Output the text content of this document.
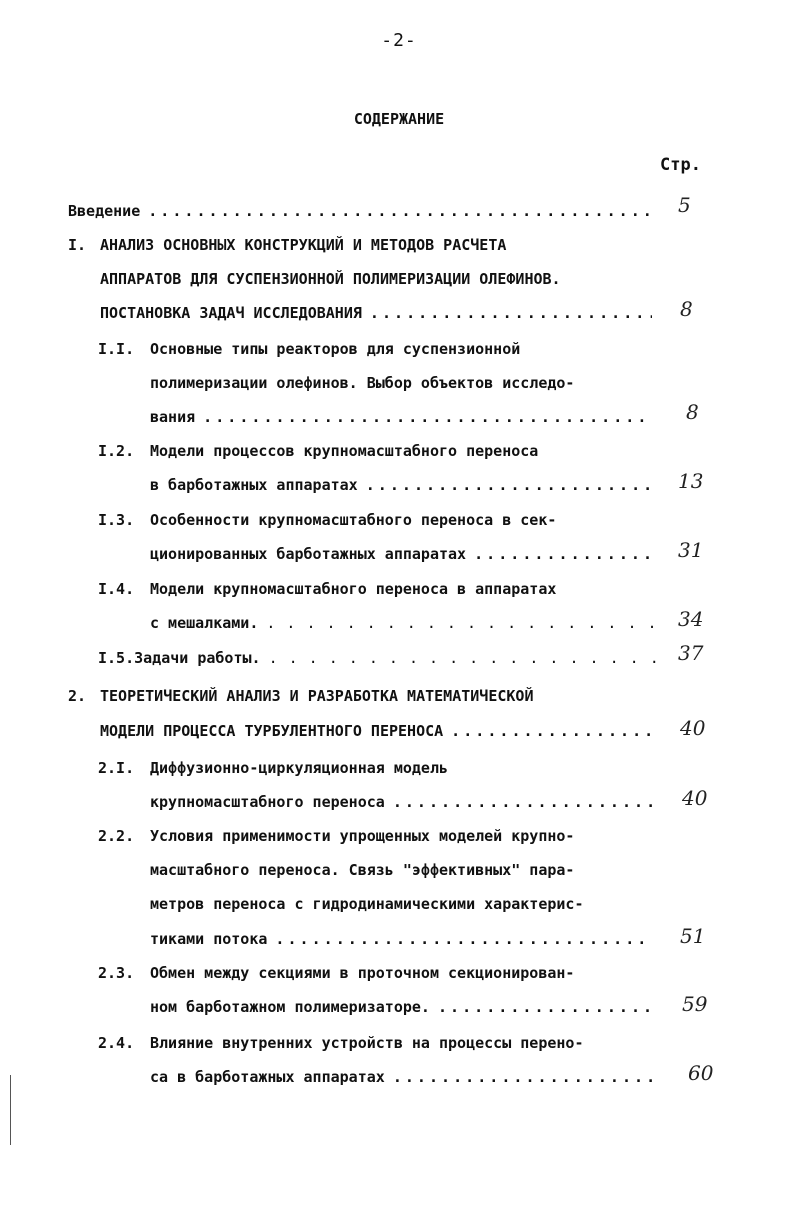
-2-
СОДЕРЖАНИЕ
Стр.
Введение . . .	5
I. АНАЛИЗ ОСНОВНЫХ КОНСТРУКЦИЙ И МЕТОДОВ РАСЧЕТА
АППАРАТОВ ДЛЯ СУСПЕНЗИОННОЙ ПОЛИМЕРИЗАЦИИ ОЛЕФИНОВ.
ПОСТАНОВКА ЗАДАЧ ИССЛЕДОВАНИЯ . . .	8
I.I.	Основные типы реакторов для суспензионной
полимеризации олефинов. Выбор объектов исследо-
вания . . .	8
I.2.	Модели процессов крупномасштабного переноса
в барботажных аппаратах . . .	13
I.3.	Особенности крупномасштабного переноса в сек-
ционированных барботажных аппаратах . . .	31
I.4.	Модели крупномасштабного переноса в аппаратах
с мешалками. . . .	34
I.5. Задачи работы. . . .	37
2. ТЕОРЕТИЧЕСКИЙ АНАЛИЗ И РАЗРАБОТКА МАТЕМАТИЧЕСКОЙ
МОДЕЛИ ПРОЦЕССА ТУРБУЛЕНТНОГО ПЕРЕНОСА . . .	40
2.I.	Диффузионно-циркуляционная модель
крупномасштабного переноса . . .	40
2.2.	Условия применимости упрощенных моделей крупно-
масштабного переноса. Связь "эффективных" пара-
метров переноса с гидродинамическими характерис-
тиками потока . . .	51
2.3.	Обмен между секциями в проточном секционирован-
ном барботажном полимеризаторе. . . .	59
2.4.	Влияние внутренних устройств на процессы перено-
са в барботажных аппаратах . . .	60
